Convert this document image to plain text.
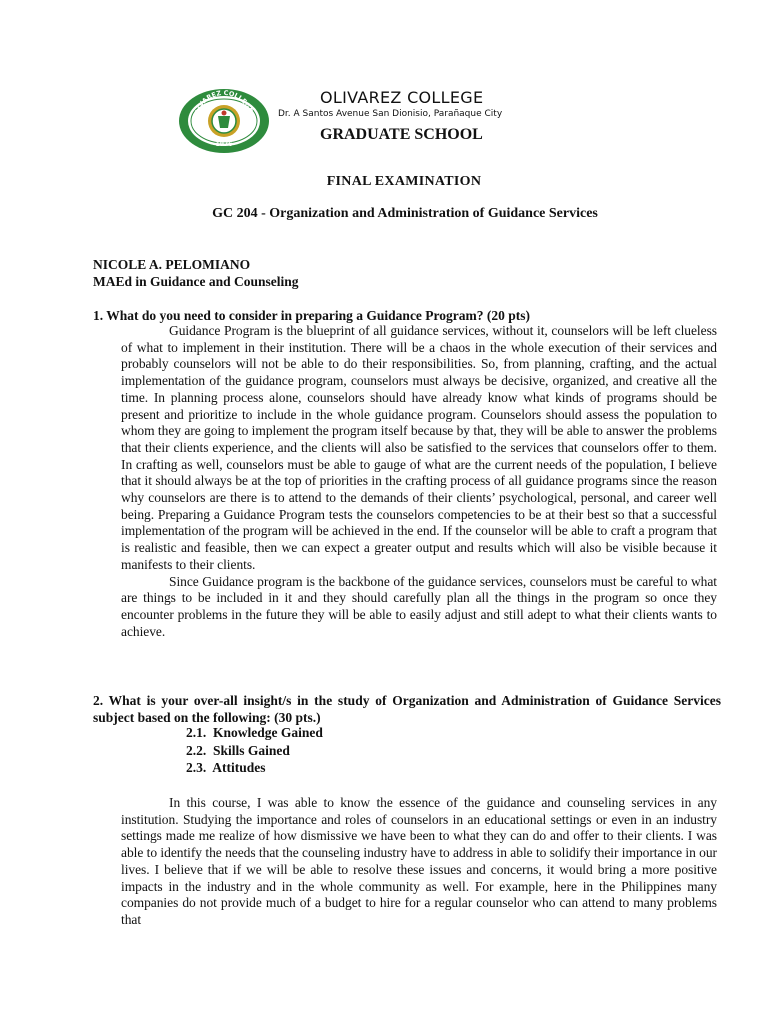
OLIVAREZ COLLEGE
1976
OLIVAREZ COLLEGE
Dr. A Santos Avenue San Dionisio, Parañaque City
GRADUATE SCHOOL
FINAL EXAMINATION
GC 204 - Organization and Administration of Guidance Services
NICOLE A. PELOMIANO
MAEd in Guidance and Counseling
1. What do you need to consider in preparing a Guidance Program? (20 pts)

Guidance Program is the blueprint of all guidance services, without it, counselors will be left clueless of what to implement in their institution. There will be a chaos in the whole execution of their services and probably counselors will not be able to do their responsibilities. So, from planning, crafting, and the actual implementation of the guidance program, counselors must always be decisive, organized, and creative all the time. In planning process alone, counselors should have already know what kinds of programs should be present and prioritize to include in the whole guidance program. Counselors should assess the population to whom they are going to implement the program itself because by that, they will be able to answer the problems that their clients experience, and the clients will also be satisfied to the services that counselors offer to them. In crafting as well, counselors must be able to gauge of what are the current needs of the population, I believe that it should always be at the top of priorities in the crafting process of all guidance programs since the reason why counselors are there is to attend to the demands of their clients’ psychological, personal, and career well being. Preparing a Guidance Program tests the counselors competencies to be at their best so that a successful implementation of the program will be achieved in the end. If the counselor will be able to craft a program that is realistic and feasible, then we can expect a greater output and results which will also be visible because it manifests to their clients.

Since Guidance program is the backbone of the guidance services, counselors must be careful to what are things to be included in it and they should carefully plan all the things in the program so once they encounter problems in the future they will be able to easily adjust and still adept to what their clients wants to achieve.

2. What is your over-all insight/s in the study of Organization and Administration of Guidance Services subject based on the following: (30 pts.)
2.1.  Knowledge Gained
2.2.  Skills Gained
2.3.  Attitudes

In this course, I was able to know the essence of the guidance and counseling services in any institution. Studying the importance and roles of counselors in an educational settings or even in an industry settings made me realize of how dismissive we have been to what they can do and offer to their clients. I was able to identify the needs that the counseling industry have to address in able to solidify their importance in our lives. I believe that if we will be able to resolve these issues and concerns, it would bring a more positive impacts in the industry and in the whole community as well. For example, here in the Philippines many companies do not provide much of a budget to hire for a regular counselor who can attend to many problems that
